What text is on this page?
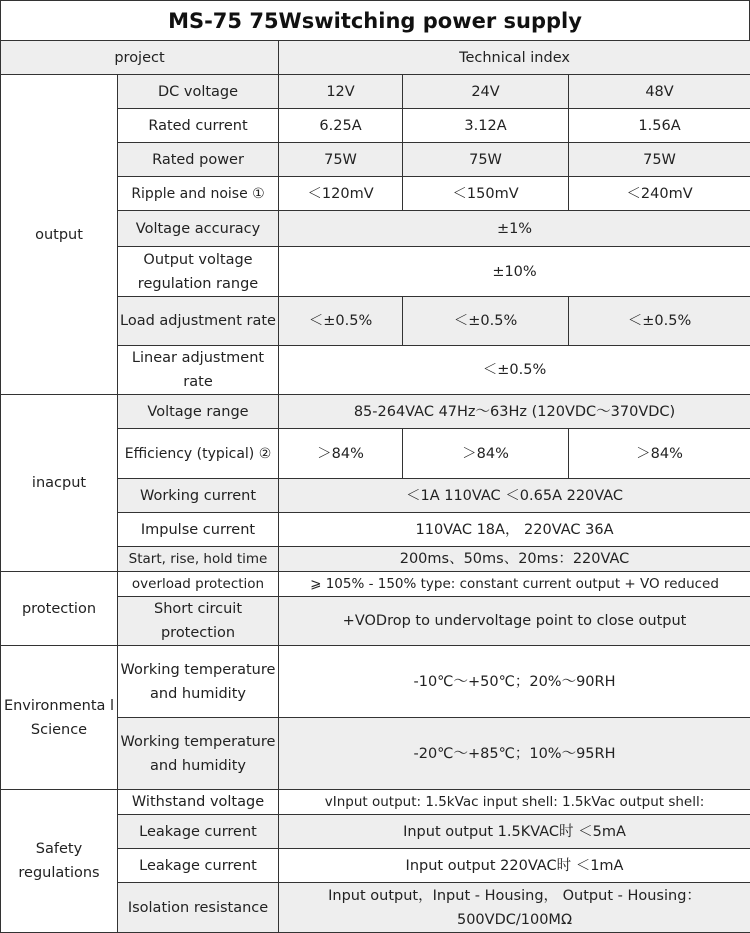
MS-75 75Wswitching power supply
project		Technical index		
output	DC voltage	12V	24V	48V
	Rated current	6.25A	3.12A	1.56A
	Rated power	75W	75W	75W
	Ripple and noise ①	＜120mV	＜150mV	＜240mV
	Voltage accuracy	±1%		
	Output voltage regulation range	±10%		
	Load adjustment rate	＜±0.5%	＜±0.5%	＜±0.5%
	Linear adjustment rate	＜±0.5%		
inacput	Voltage range	85-264VAC 47Hz～63Hz (120VDC～370VDC)		
	Efficiency (typical) ②	＞84%	＞84%	＞84%
	Working current	＜1A 110VAC ＜0.65A 220VAC		
	Impulse current	110VAC 18A， 220VAC 36A		
	Start, rise, hold time	200ms、50ms、20ms：220VAC		
protection	overload protection	⩾ 105% - 150% type: constant current output + VO reduced		
	Short circuit protection	+VODrop to undervoltage point to close output		
Environmenta l Science	Working temperature and humidity	-10℃～+50℃；20%～90RH		
	Working temperature and humidity	-20℃～+85℃；10%～95RH		
Safety regulations	Withstand voltage	vInput output: 1.5kVac input shell: 1.5kVac output shell:		
	Leakage current	Input output 1.5KVAC时 ＜5mA		
	Leakage current	Input output 220VAC时 ＜1mA		
	Isolation resistance	Input output，Input - Housing， Output - Housing：500VDC/100MΩ		
